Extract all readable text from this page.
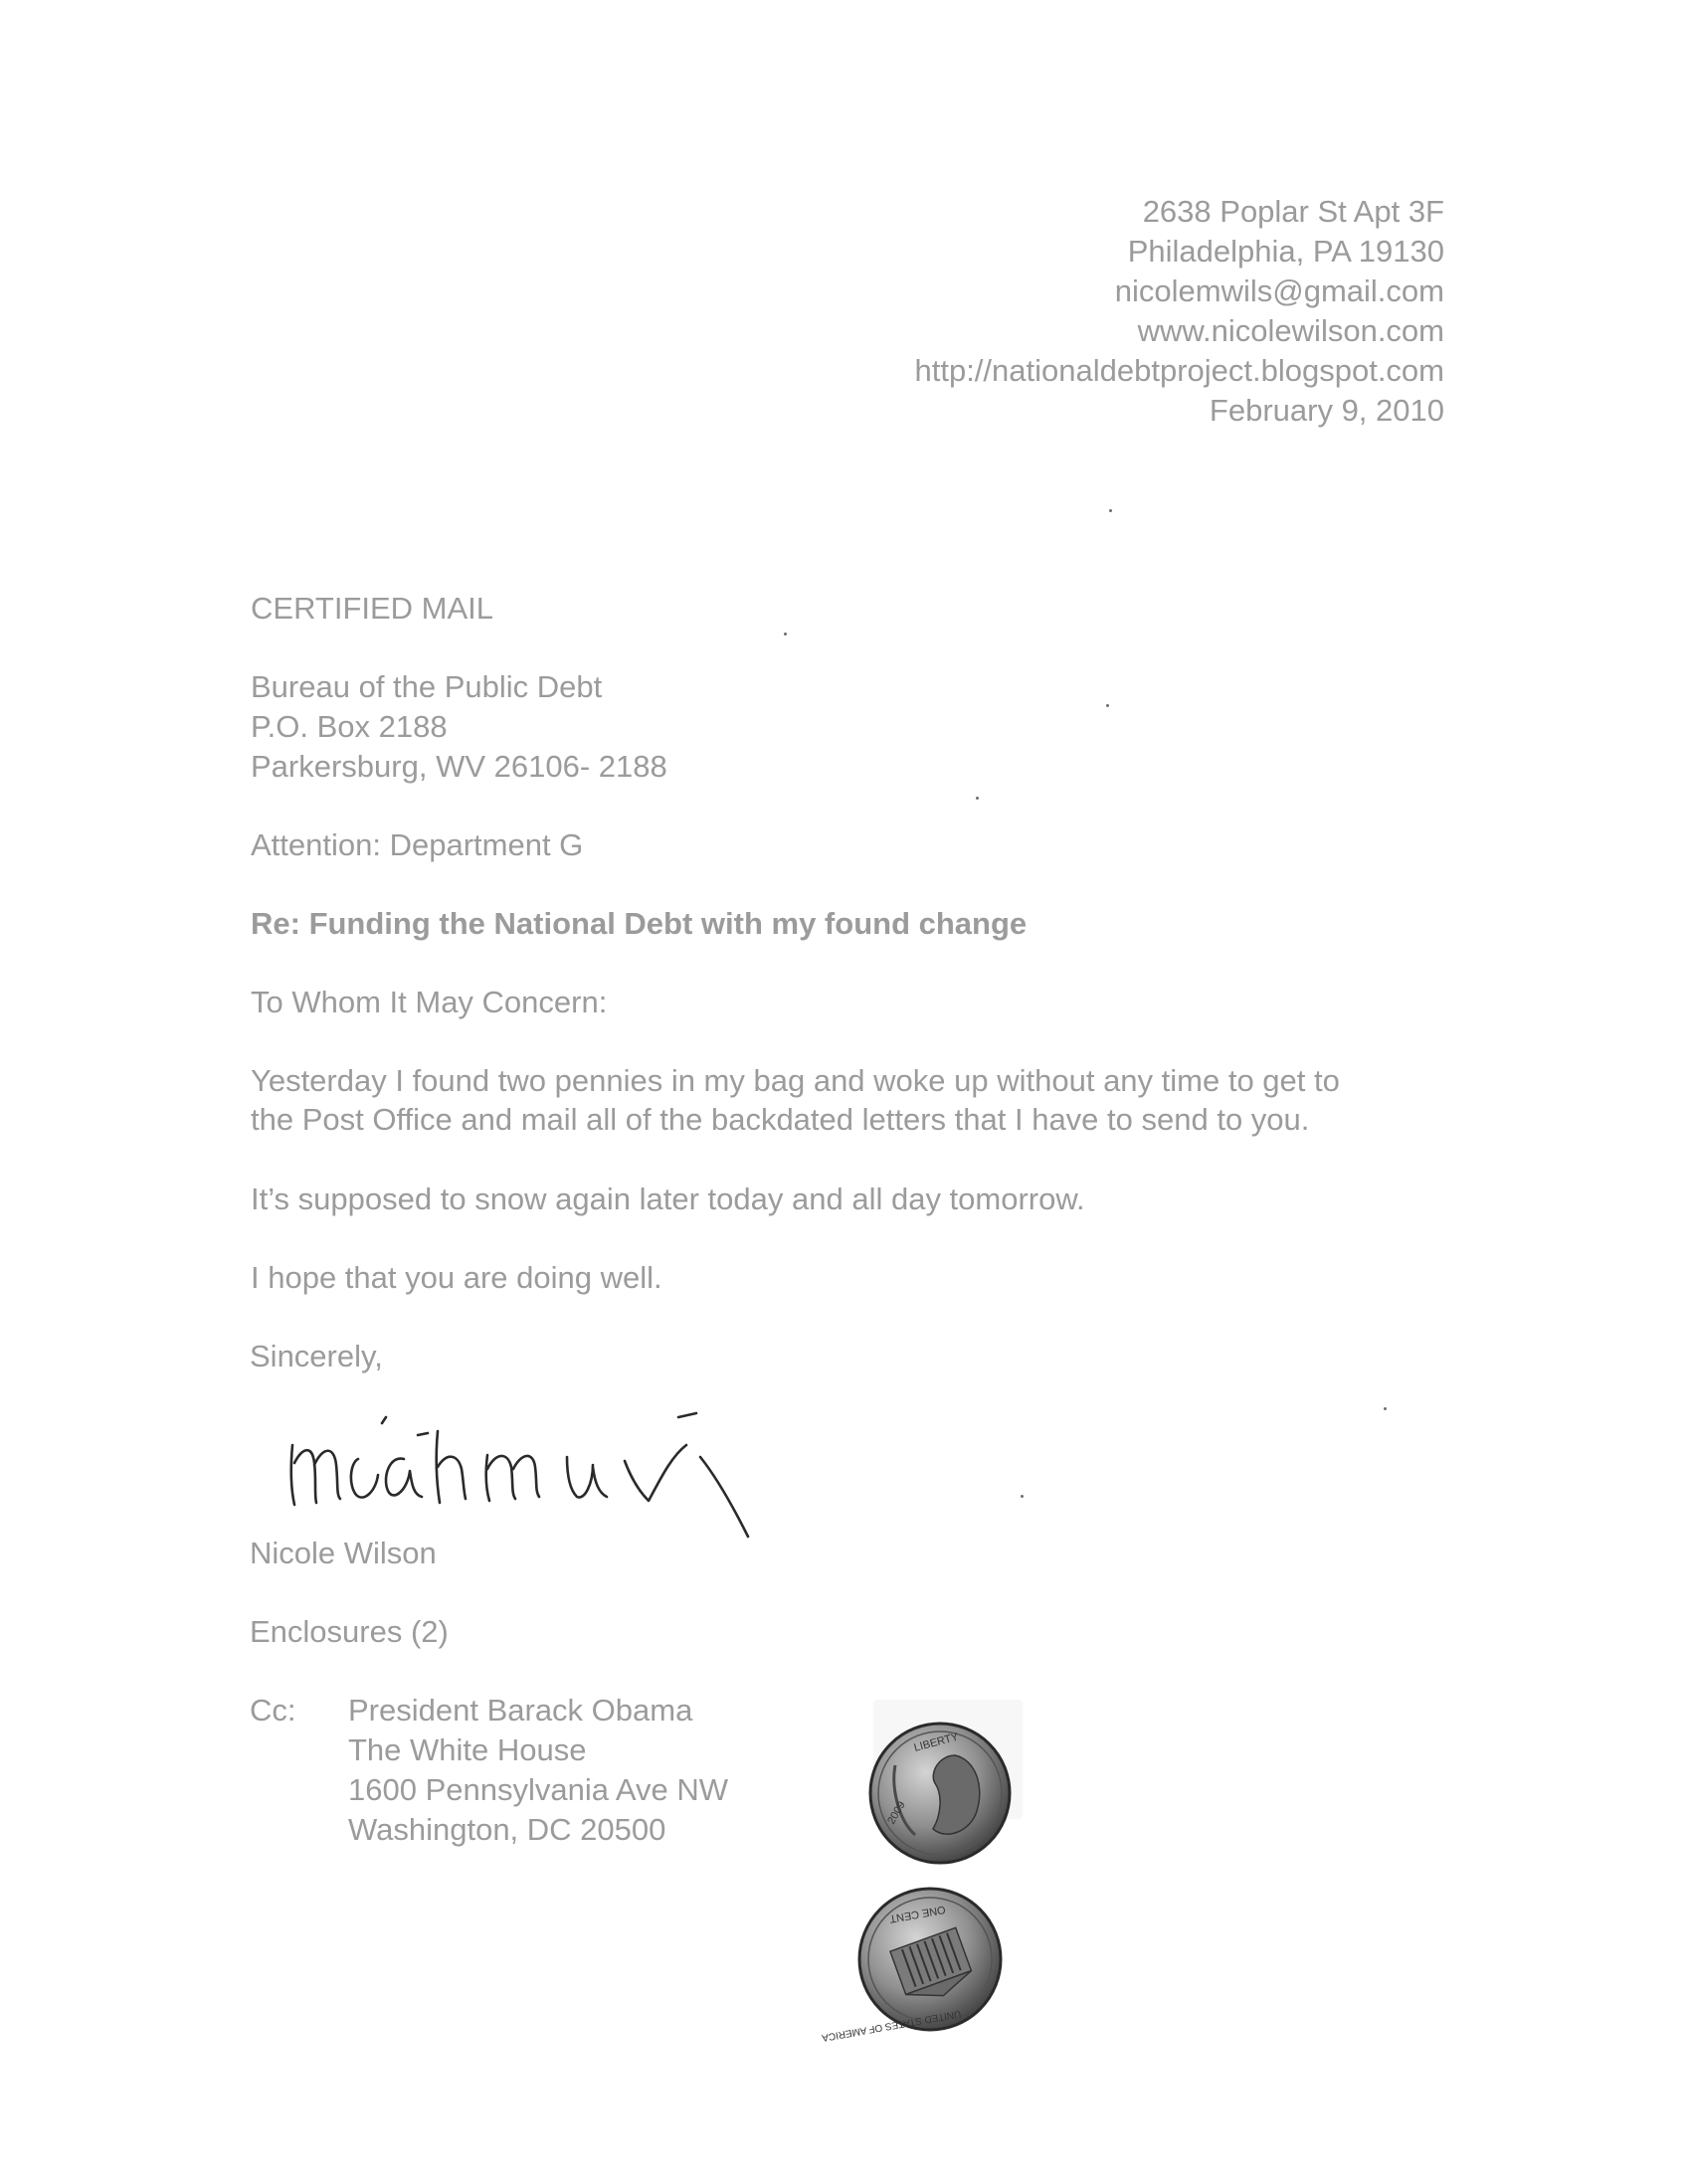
2638 Poplar St Apt 3F
Philadelphia, PA 19130
nicolemwils@gmail.com
www.nicolewilson.com
http://nationaldebtproject.blogspot.com
February 9, 2010
CERTIFIED MAIL
Bureau of the Public Debt
P.O. Box 2188
Parkersburg, WV 26106- 2188
Attention: Department G
Re: Funding the National Debt with my found change
To Whom It May Concern:
Yesterday I found two pennies in my bag and woke up without any time to get to
the Post Office and mail all of the backdated letters that I have to send to you.
It’s supposed to snow again later today and all day tomorrow.
I hope that you are doing well.
Sincerely,
Nicole Wilson
Nicole Wilson
Enclosures (2)
Cc: President Barack Obama
The White House
1600 Pennsylvania Ave NW
Washington, DC 20500
LIBERTY
2009
UNITED STATES OF AMERICA
ONE CENT
